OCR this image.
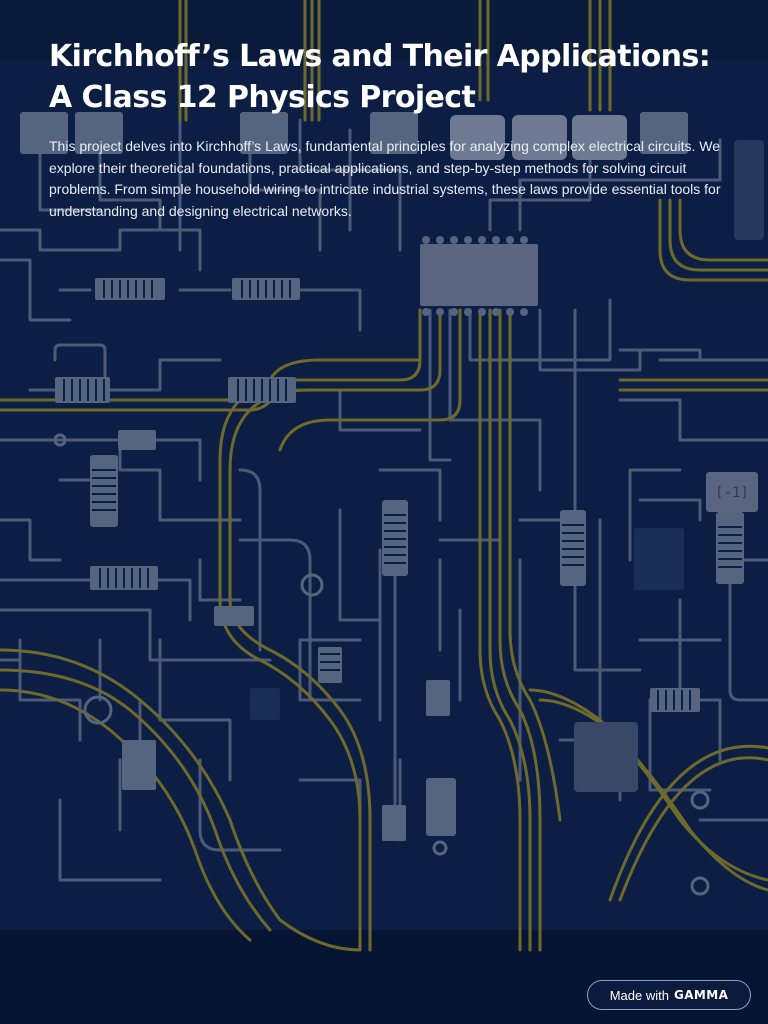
[-1]
Kirchhoff’s Laws and Their Applications:
A Class 12 Physics Project

This project delves into Kirchhoff’s Laws, fundamental principles for analyzing complex electrical circuits. We explore their theoretical foundations, practical applications, and step-by-step methods for solving circuit problems. From simple household wiring to intricate industrial systems, these laws provide essential tools for understanding and designing electrical networks.

Made with GAMMA
